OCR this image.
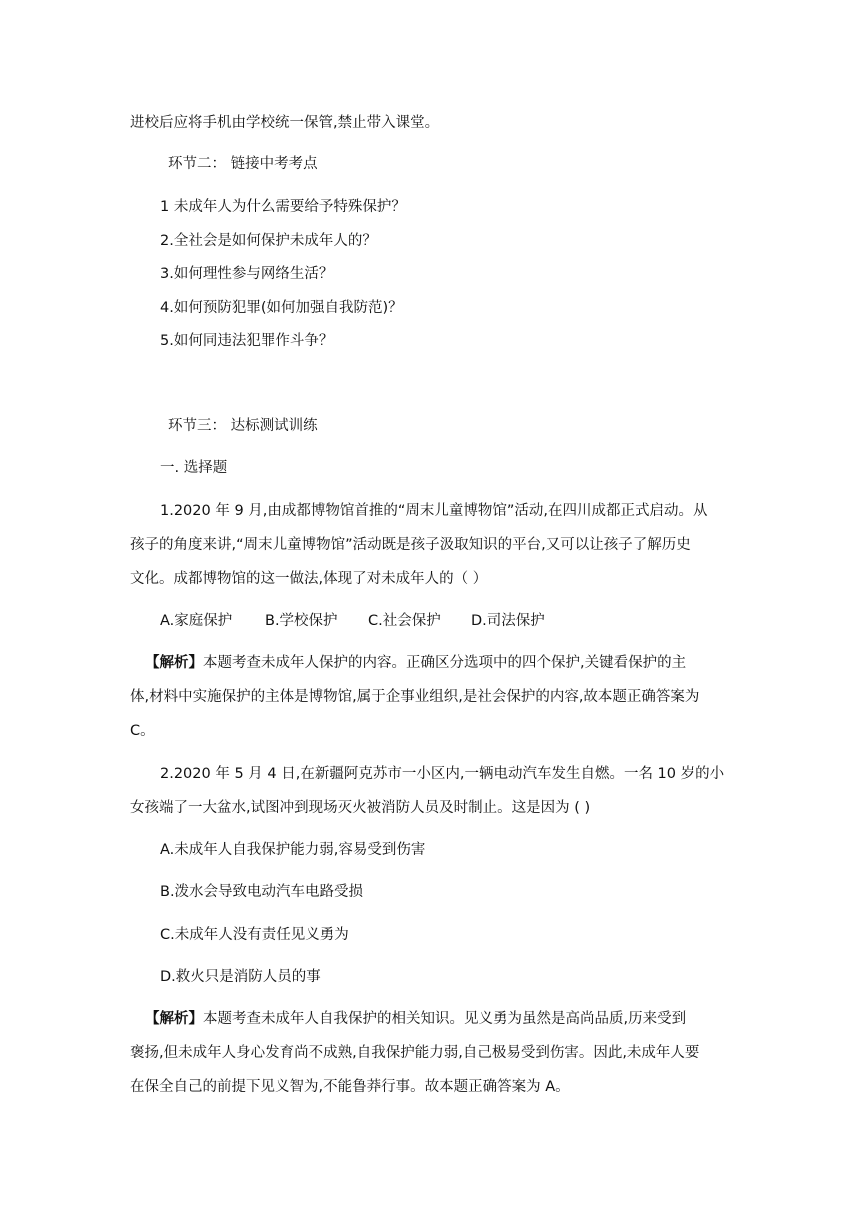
进校后应将手机由学校统一保管,禁止带入课堂。
环节二： 链接中考考点
1 未成年人为什么需要给予特殊保护？
2.全社会是如何保护未成年人的？
3.如何理性参与网络生活？
4.如何预防犯罪(如何加强自我防范)？
5.如何同违法犯罪作斗争？
环节三： 达标测试训练
一. 选择题
1.2020 年 9 月,由成都博物馆首推的“周末儿童博物馆”活动,在四川成都正式启动。从
孩子的角度来讲,“周末儿童博物馆”活动既是孩子汲取知识的平台,又可以让孩子了解历史
文化。成都博物馆的这一做法,体现了对未成年人的（ ）
A.家庭保护 B.学校保护 C.社会保护 D.司法保护
【解析】本题考查未成年人保护的内容。正确区分选项中的四个保护,关键看保护的主
体,材料中实施保护的主体是博物馆,属于企事业组织,是社会保护的内容,故本题正确答案为
C。
2.2020 年 5 月 4 日,在新疆阿克苏市一小区内,一辆电动汽车发生自燃。一名 10 岁的小
女孩端了一大盆水,试图冲到现场灭火被消防人员及时制止。这是因为 ( )
A.未成年人自我保护能力弱,容易受到伤害
B.泼水会导致电动汽车电路受损
C.未成年人没有责任见义勇为
D.救火只是消防人员的事
【解析】本题考查未成年人自我保护的相关知识。见义勇为虽然是高尚品质,历来受到
褒扬,但未成年人身心发育尚不成熟,自我保护能力弱,自己极易受到伤害。因此,未成年人要
在保全自己的前提下见义智为,不能鲁莽行事。故本题正确答案为 A。
